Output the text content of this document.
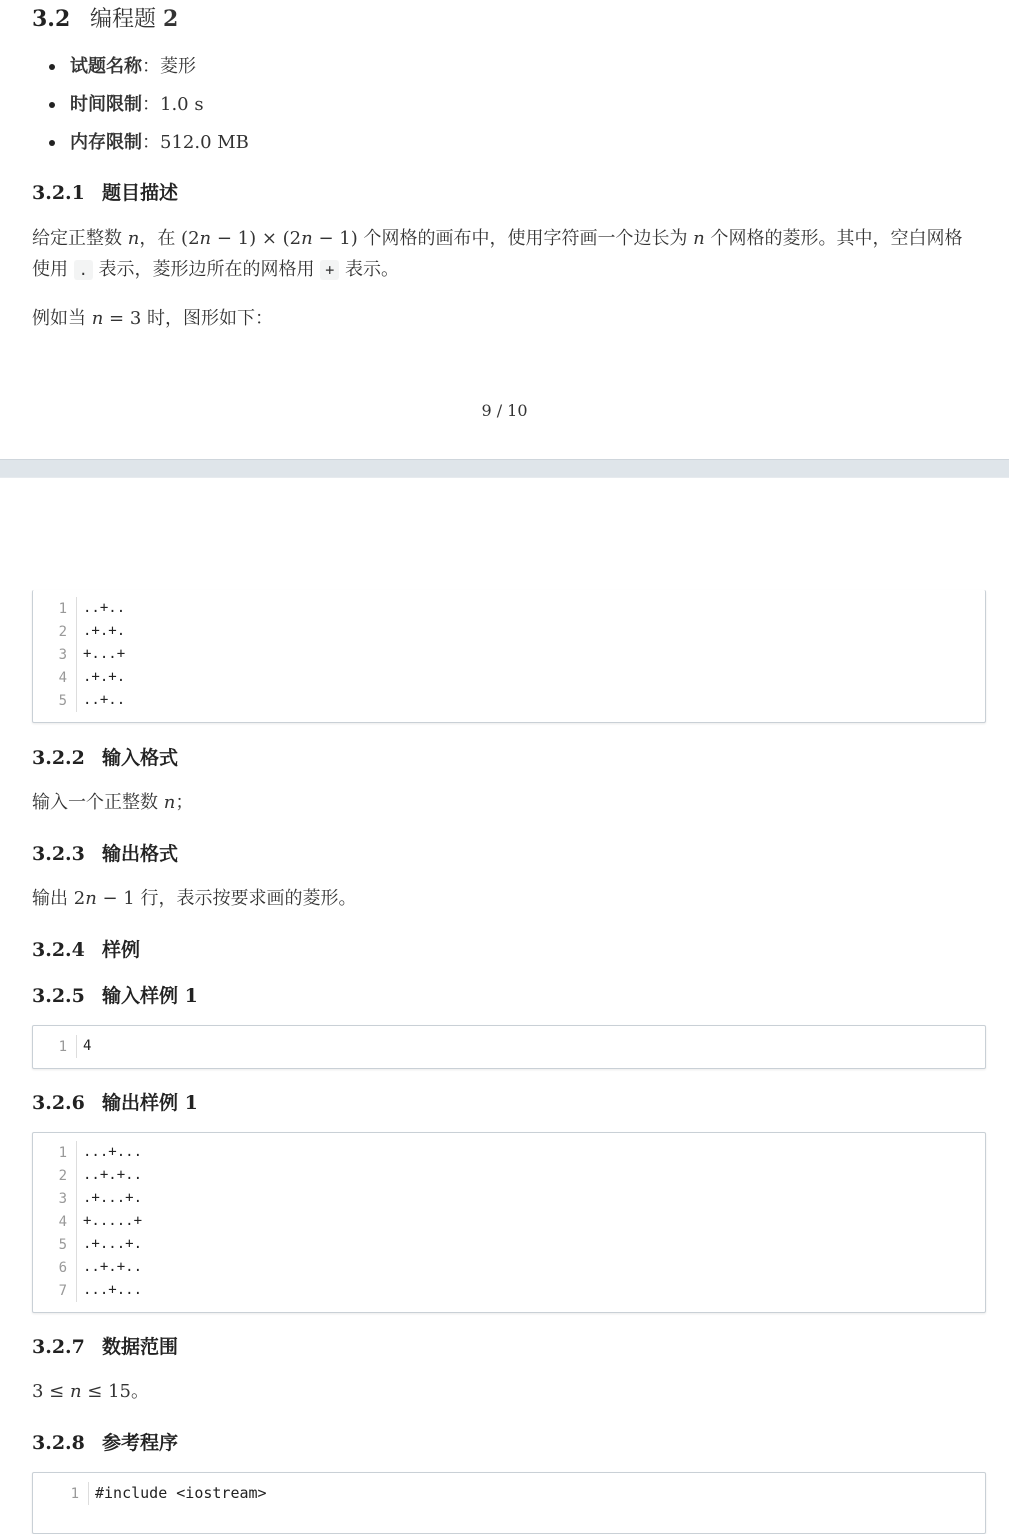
3.2 编程题 2
试题名称：菱形
时间限制：1.0 s
内存限制：512.0 MB
3.2.1 题目描述
给定正整数 n，在 (2n − 1) × (2n − 1) 个网格的画布中，使用字符画一个边长为 n 个网格的菱形。其中，空白网格
使用 . 表示，菱形边所在的网格用 + 表示。
例如当 n = 3 时，图形如下：
9 / 10
1	..+..
2	.+.+.
3	+...+
4	.+.+.
5	..+..
3.2.2 输入格式
输入一个正整数 n；
3.2.3 输出格式
输出 2n − 1 行，表示按要求画的菱形。
3.2.4 样例
3.2.5 输入样例 1
1	4
3.2.6 输出样例 1
1	...+...
2	..+.+..
3	.+...+.
4	+.....+
5	.+...+.
6	..+.+..
7	...+...
3.2.7 数据范围
3 ≤ n ≤ 15。
3.2.8 参考程序
1	#include <iostream>
